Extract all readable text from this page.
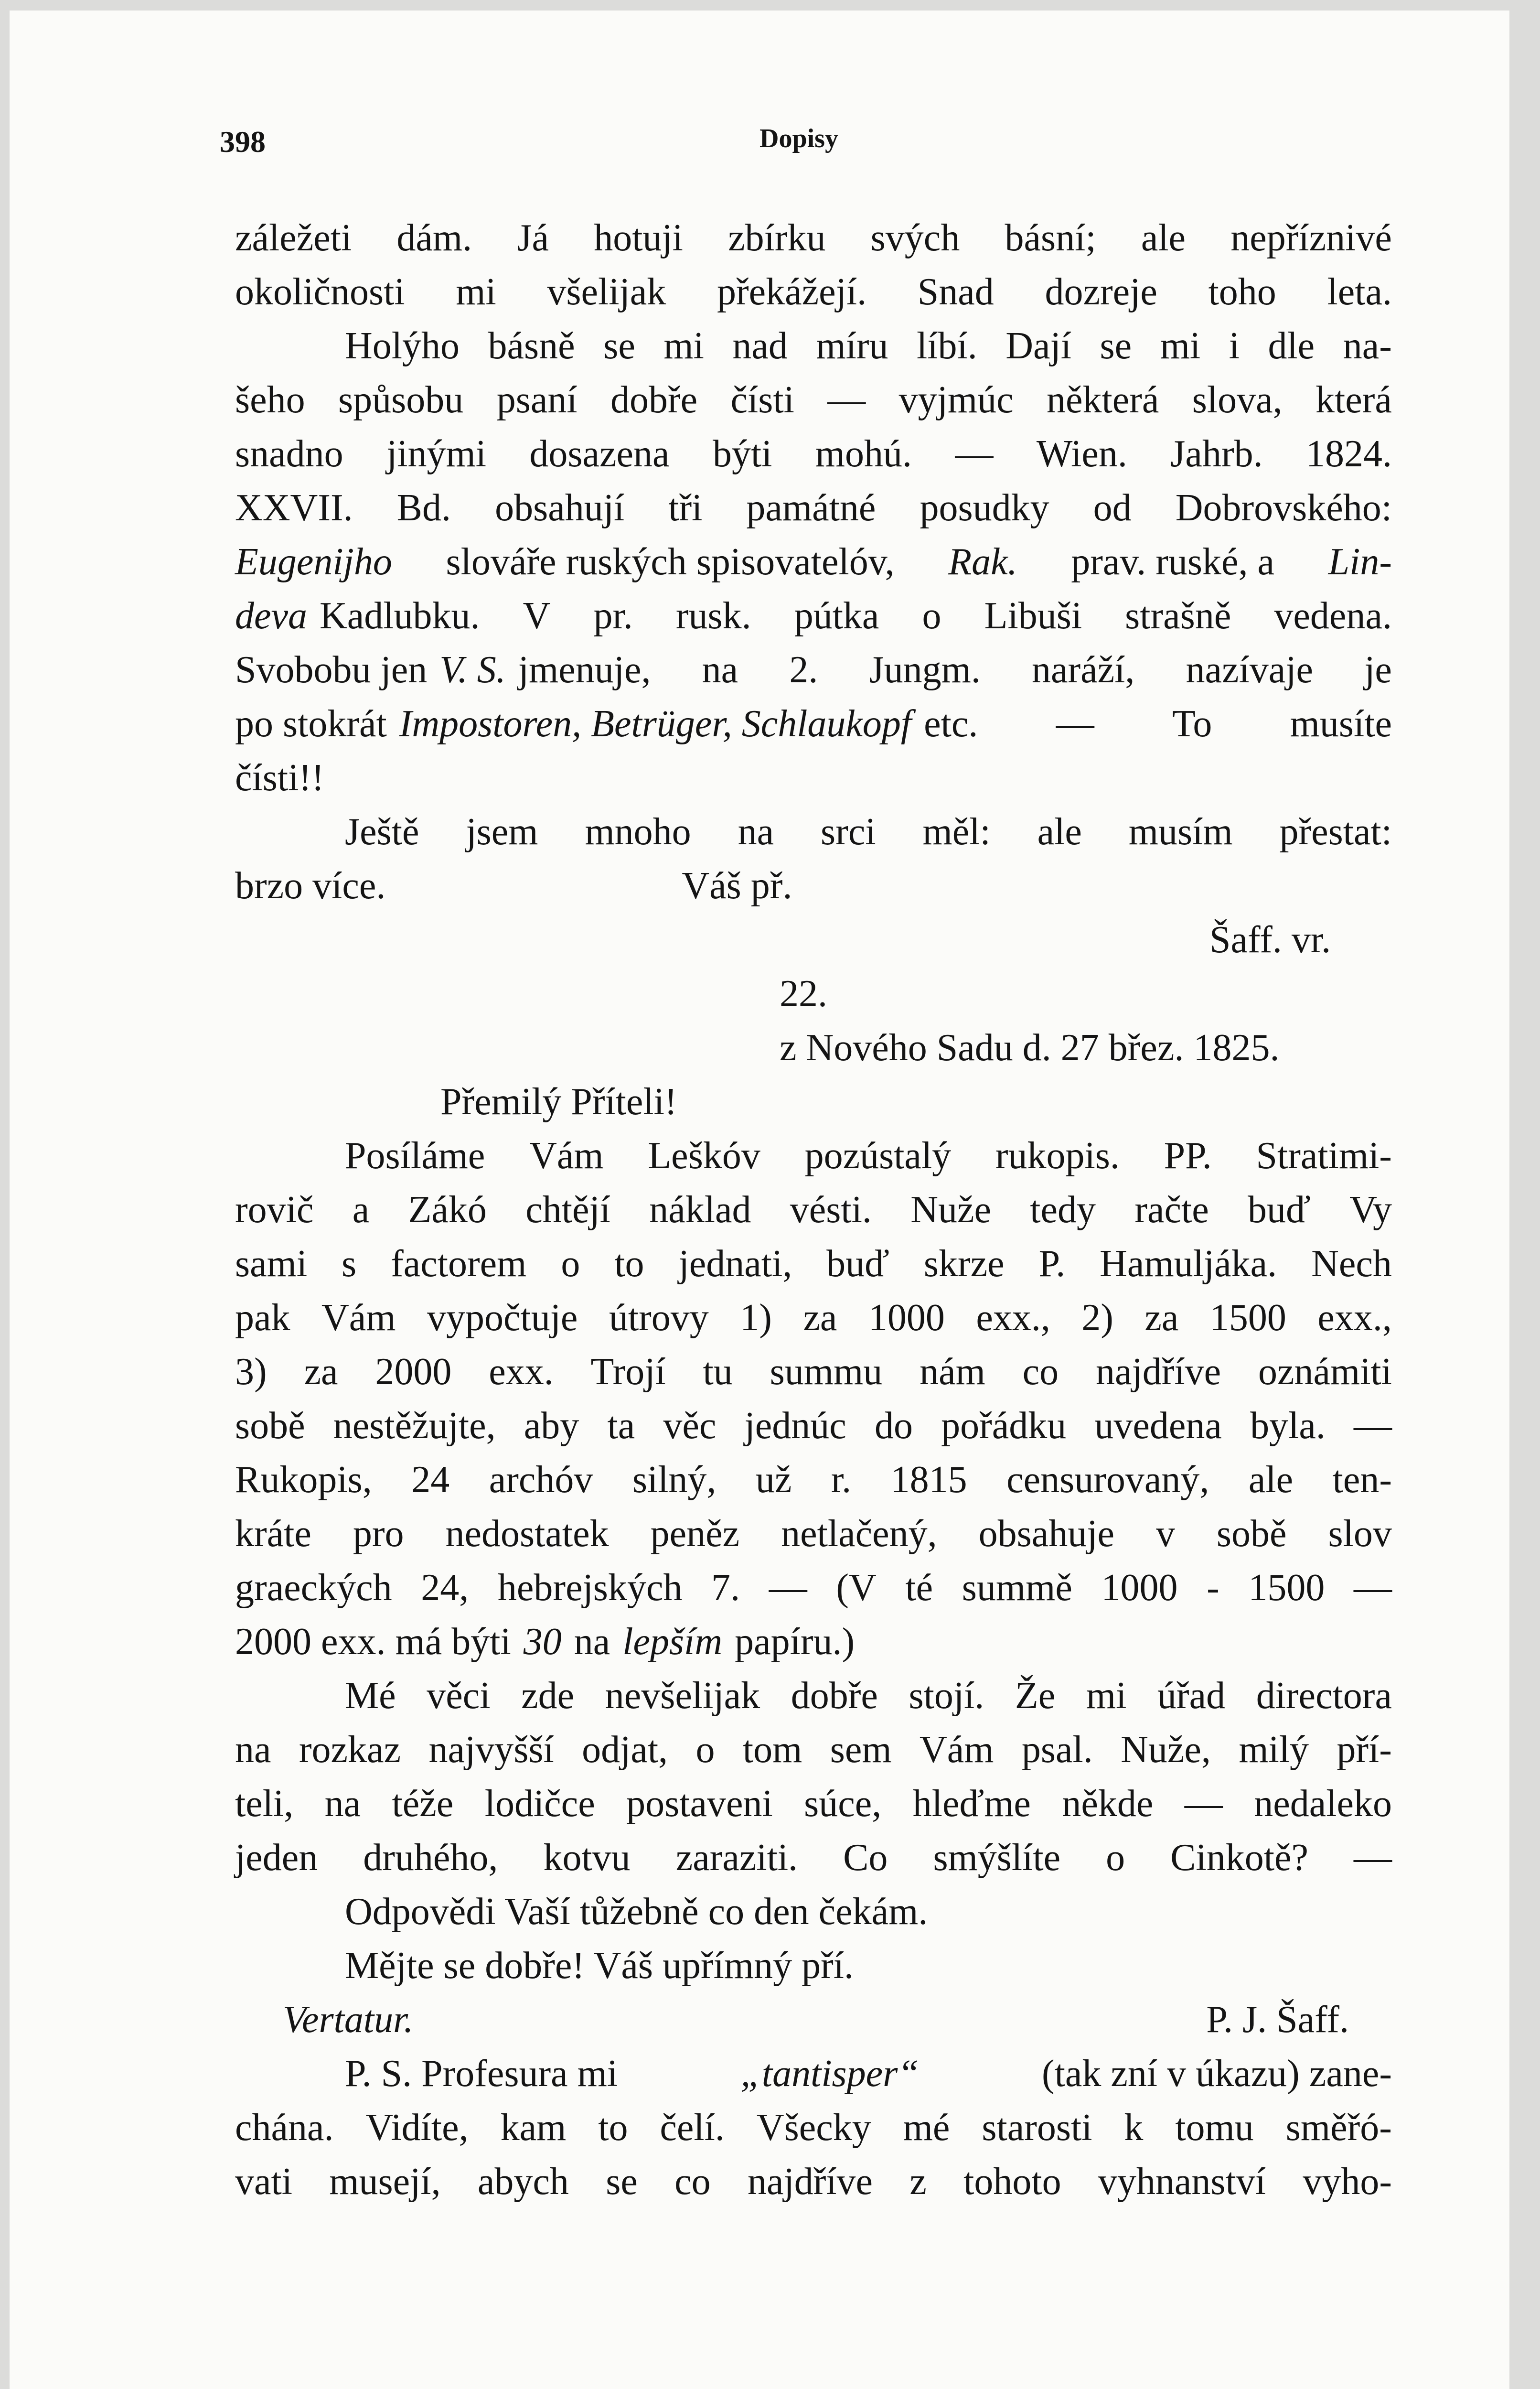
398	Dopisy
záležeti dám. Já hotuji zbírku svých básní; ale nepříznivé
okoličnosti mi všelijak překážejí. Snad dozreje toho leta.
Holýho básně se mi nad míru líbí. Dají se mi i dle na-
šeho spůsobu psaní dobře čísti — vyjmúc některá slova, která
snadno jinými dosazena býti mohú. — Wien. Jahrb. 1824.
XXVII. Bd. obsahují tři památné posudky od Dobrovského:
Eugenijho slováře ruských spisovatelóv, Rak. prav. ruské, a Lin-
deva Kadlubku. V pr. rusk. pútka o Libuši strašně vedena.
Svobobu jen V. S. jmenuje, na 2. Jungm. naráží, nazívaje je
po stokrát Impostoren, Betrüger, Schlaukopf etc. — To musíte
čísti!!
Ještě jsem mnoho na srci měl: ale musím přestat:
brzo více.	Váš př.
Šaff. vr.
22.
z Nového Sadu d. 27 břez. 1825.
Přemilý Příteli!
Posíláme Vám Leškóv pozústalý rukopis. PP. Stratimi-
rovič a Zákó chtějí náklad vésti. Nuže tedy račte buď Vy
sami s factorem o to jednati, buď skrze P. Hamuljáka. Nech
pak Vám vypočtuje útrovy 1) za 1000 exx., 2) za 1500 exx.,
3) za 2000 exx. Trojí tu summu nám co najdříve oznámiti
sobě nestěžujte, aby ta věc jednúc do pořádku uvedena byla. —
Rukopis, 24 archóv silný, už r. 1815 censurovaný, ale ten-
kráte pro nedostatek peněz netlačený, obsahuje v sobě slov
graeckých 24, hebrejských 7. — (V té summě 1000 - 1500 —
2000 exx. má býti 30 na lepším papíru.)
Mé věci zde nevšelijak dobře stojí. Že mi úřad directora
na rozkaz najvyšší odjat, o tom sem Vám psal. Nuže, milý pří-
teli, na téže lodičce postaveni súce, hleďme někde — nedaleko
jeden druhého, kotvu zaraziti. Co smýšlíte o Cinkotě? —
Odpovědi Vaší tůžebně co den čekám.
Mějte se dobře! Váš upřímný pří.
Vertatur.	P. J. Šaff.
P. S. Profesura mi	„tantisper“	(tak zní v úkazu) zane-
chána. Vidíte, kam to čelí. Všecky mé starosti k tomu směřó-
vati musejí, abych se co najdříve z tohoto vyhnanství vyho-
